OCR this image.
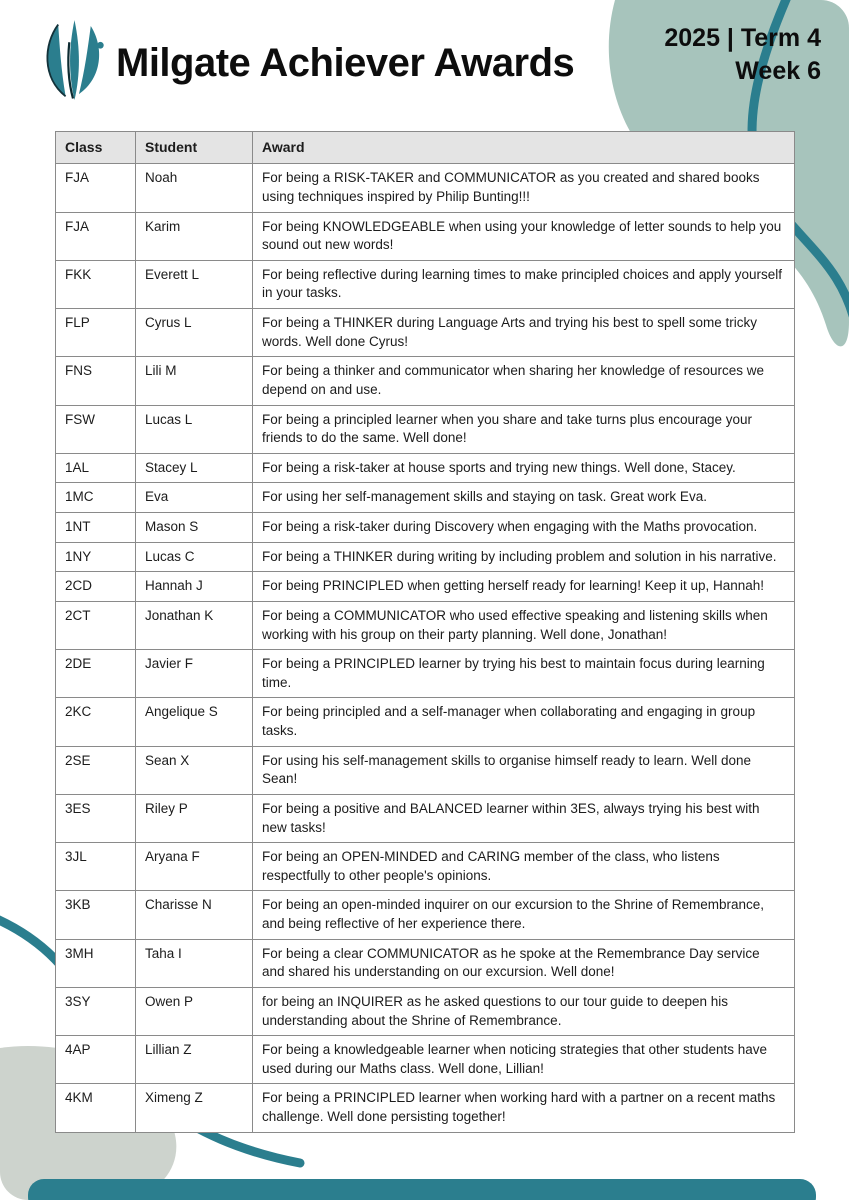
Milgate Achiever Awards
2025 | Term 4
Week 6
Class	Student	Award
FJA	Noah	For being a RISK-TAKER and COMMUNICATOR as you created and shared books using techniques inspired by Philip Bunting!!!
FJA	Karim	For being KNOWLEDGEABLE when using your knowledge of letter sounds to help you sound out new words!
FKK	Everett L	For being reflective during learning times to make principled choices and apply yourself in your tasks.
FLP	Cyrus L	For being a THINKER during Language Arts and trying his best to spell some tricky words. Well done Cyrus!
FNS	Lili M	For being a thinker and communicator when sharing her knowledge of resources we depend on and use.
FSW	Lucas L	For being a principled learner when you share and take turns plus encourage your friends to do the same. Well done!
1AL	Stacey L	For being a risk-taker at house sports and trying new things. Well done, Stacey.
1MC	Eva	For using her self-management skills and staying on task. Great work Eva.
1NT	Mason S	For being a risk-taker during Discovery when engaging with the Maths provocation.
1NY	Lucas C	For being a THINKER during writing by including problem and solution in his narrative.
2CD	Hannah J	For being PRINCIPLED when getting herself ready for learning! Keep it up, Hannah!
2CT	Jonathan K	For being a COMMUNICATOR who used effective speaking and listening skills when working with his group on their party planning. Well done, Jonathan!
2DE	Javier F	For being a PRINCIPLED learner by trying his best to maintain focus during learning time.
2KC	Angelique S	For being principled and a self-manager when collaborating and engaging in group tasks.
2SE	Sean X	For using his self-management skills to organise himself ready to learn. Well done Sean!
3ES	Riley P	For being a positive and BALANCED learner within 3ES, always trying his best with new tasks!
3JL	Aryana F	For being an OPEN-MINDED and CARING member of the class, who listens respectfully to other people's opinions.
3KB	Charisse N	For being an open-minded inquirer on our excursion to the Shrine of Remembrance, and being reflective of her experience there.
3MH	Taha I	For being a clear COMMUNICATOR as he spoke at the Remembrance Day service and shared his understanding on our excursion. Well done!
3SY	Owen P	for being an INQUIRER as he asked questions to our tour guide to deepen his understanding about the Shrine of Remembrance.
4AP	Lillian Z	For being a knowledgeable learner when noticing strategies that other students have used during our Maths class. Well done, Lillian!
4KM	Ximeng Z	For being a PRINCIPLED learner when working hard with a partner on a recent maths challenge. Well done persisting together!
